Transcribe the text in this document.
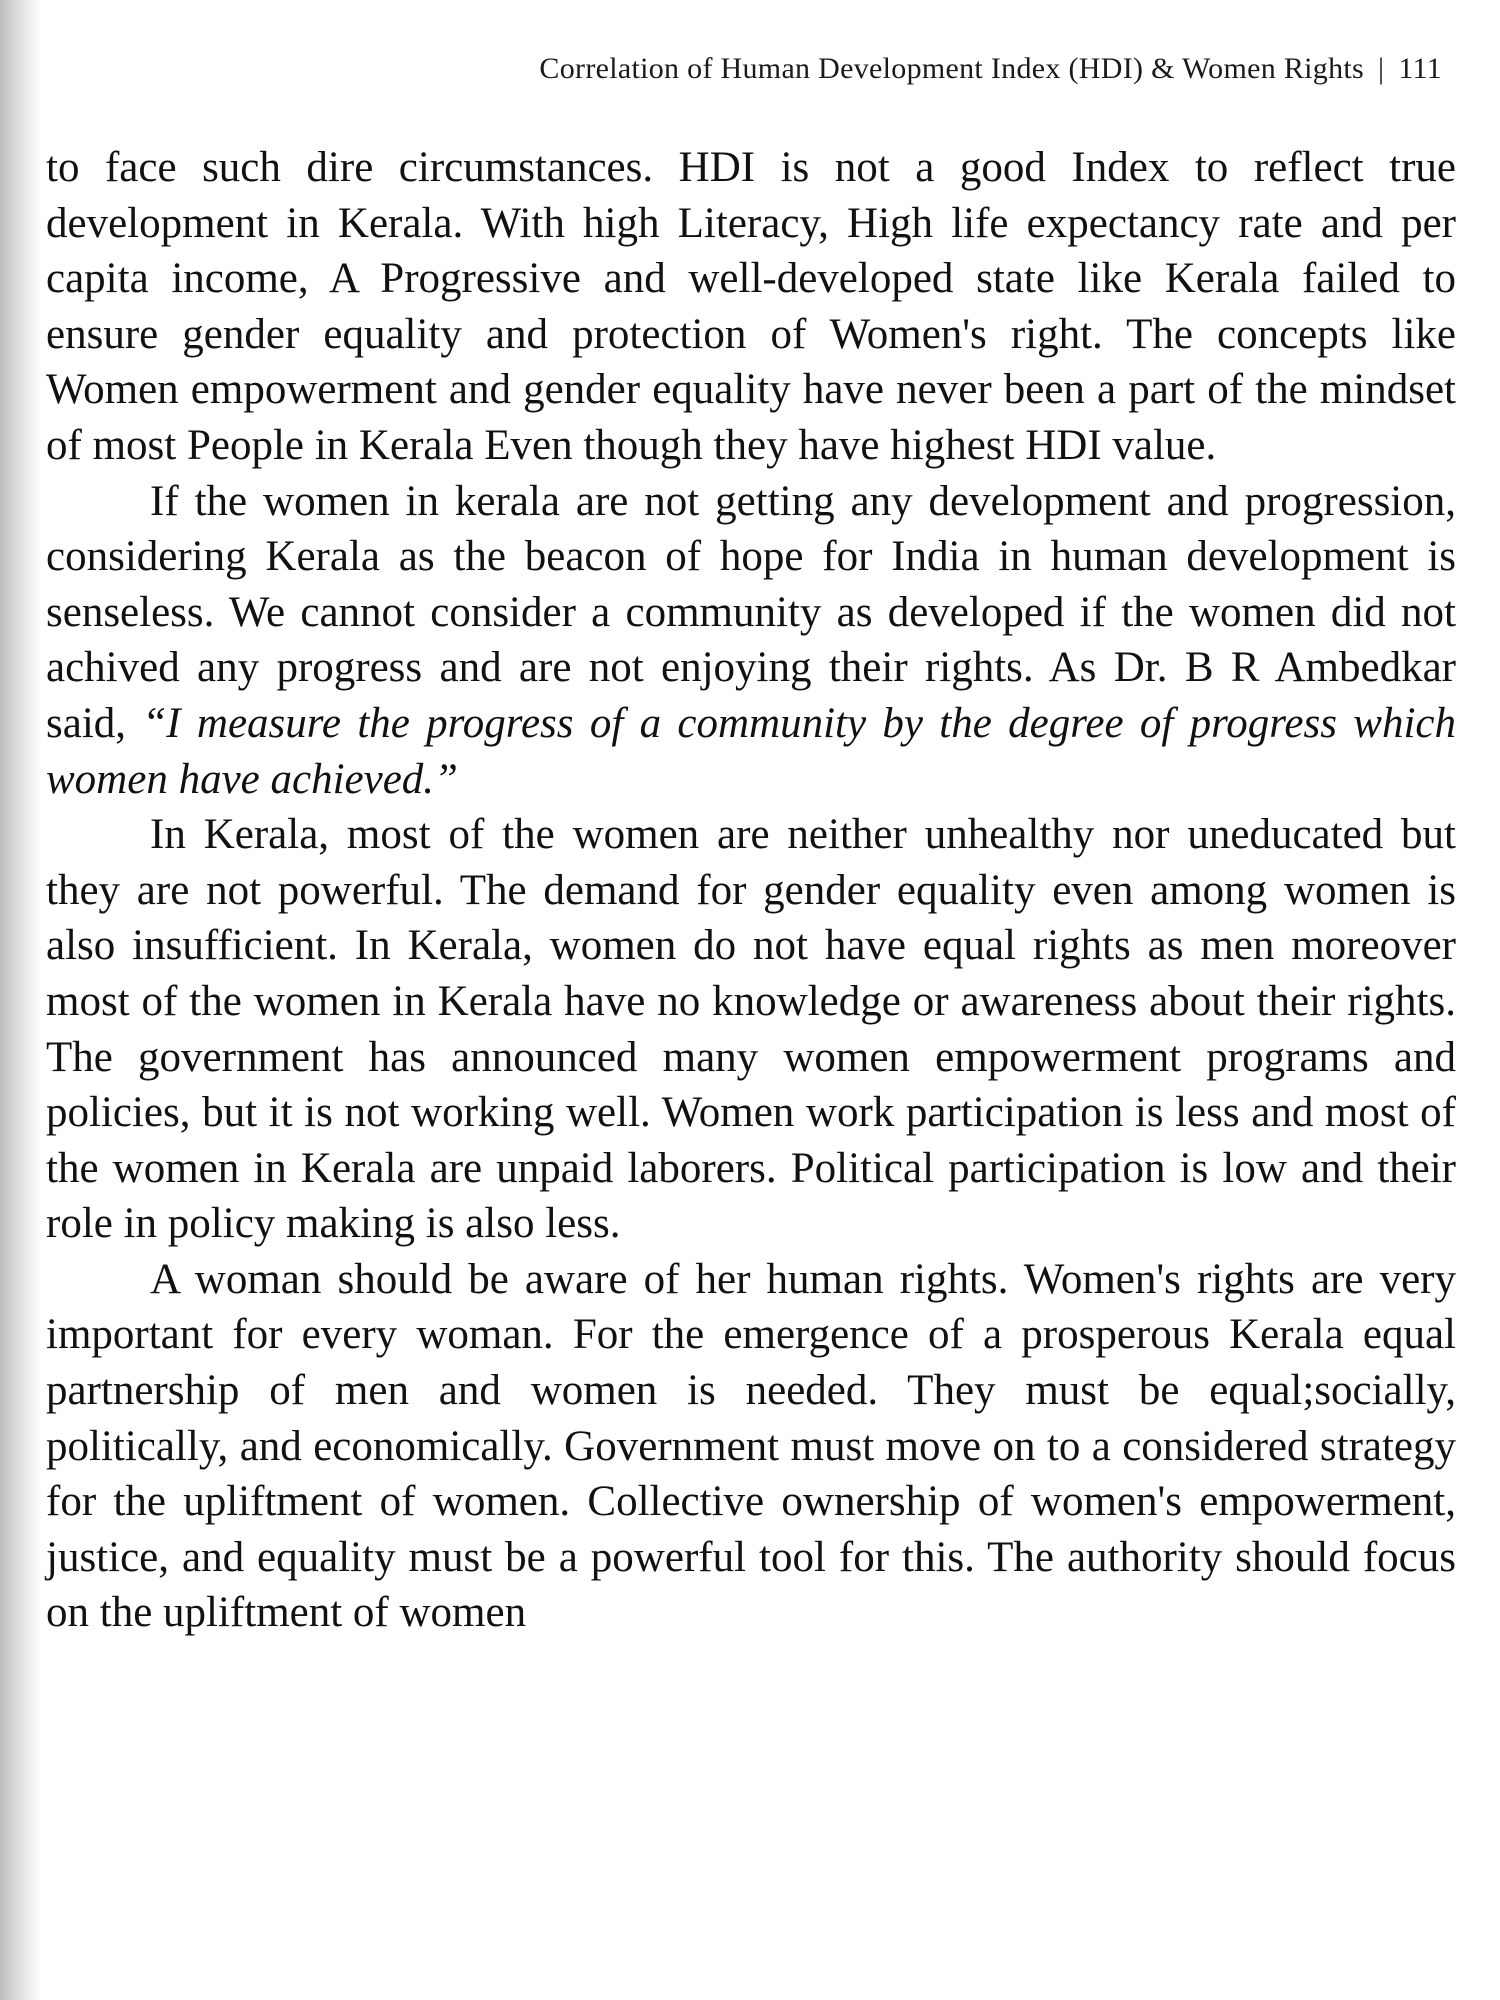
Correlation of Human Development Index (HDI) & Women Rights | 111

to face such dire circumstances. HDI is not a good Index to reflect true development in Kerala. With high Literacy, High life expectancy rate and per capita income, A Progressive and well-developed state like Kerala failed to ensure gender equality and protection of Women's right. The concepts like Women empowerment and gender equality have never been a part of the mindset of most People in Kerala Even though they have highest HDI value.

If the women in kerala are not getting any development and progression, considering Kerala as the beacon of hope for India in human development is senseless. We cannot consider a community as developed if the women did not achived any progress and are not enjoying their rights. As Dr. B R Ambedkar said, “I measure the progress of a community by the degree of progress which women have achieved.”

In Kerala, most of the women are neither unhealthy nor uneducated but they are not powerful. The demand for gender equality even among women is also insufficient. In Kerala, women do not have equal rights as men moreover most of the women in Kerala have no knowledge or awareness about their rights. The government has announced many women empowerment programs and policies, but it is not working well. Women work participation is less and most of the women in Kerala are unpaid laborers. Political participation is low and their role in policy making is also less.

A woman should be aware of her human rights. Women's rights are very important for every woman. For the emergence of a prosperous Kerala equal partnership of men and women is needed. They must be equal;socially, politically, and economically. Government must move on to a considered strategy for the upliftment of women. Collective ownership of women's empowerment, justice, and equality must be a powerful tool for this. The authority should focus on the upliftment of women
